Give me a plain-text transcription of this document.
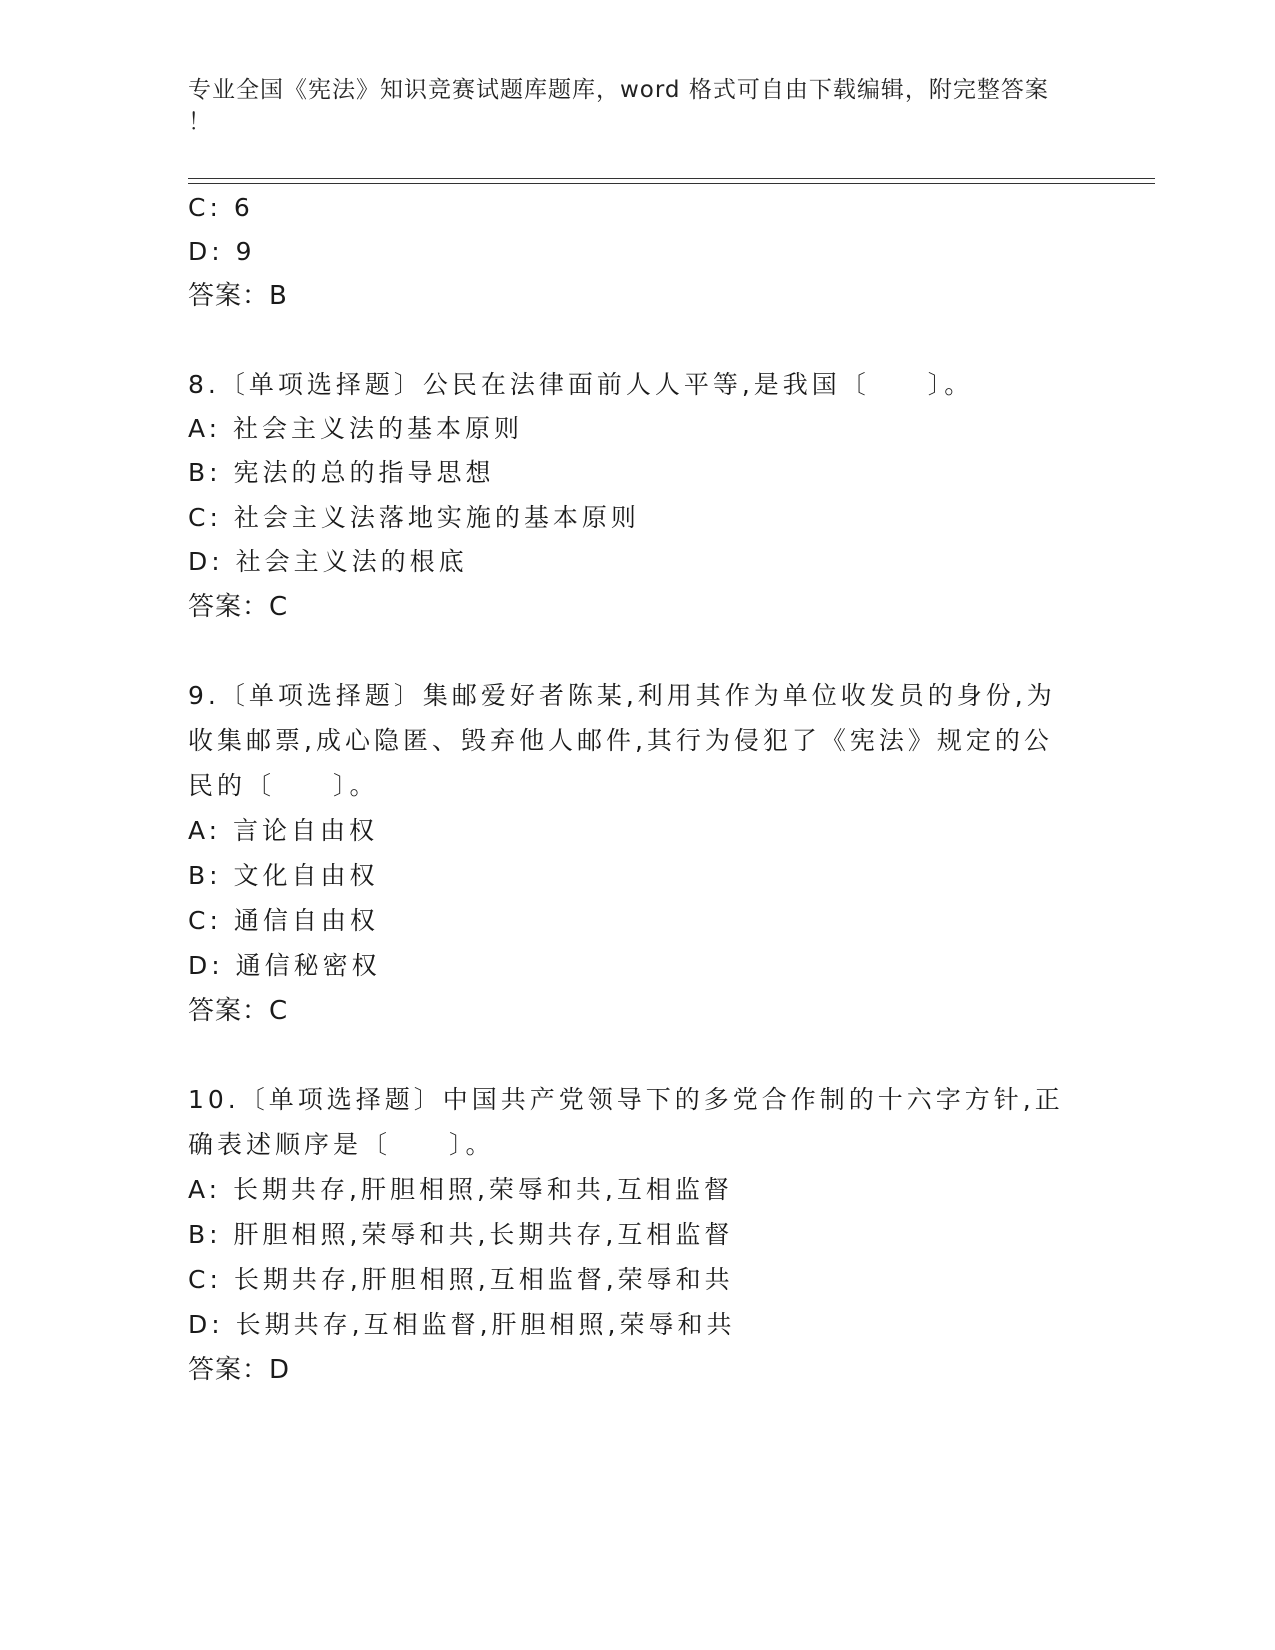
专业全国《宪法》知识竞赛试题库题库，word 格式可自由下载编辑，附完整答案
！
C: 6
D: 9
答案：B
8.〔单项选择题〕公民在法律面前人人平等,是我国〔　　〕。
A: 社会主义法的基本原则
B: 宪法的总的指导思想
C: 社会主义法落地实施的基本原则
D: 社会主义法的根底
答案：C
9.〔单项选择题〕集邮爱好者陈某,利用其作为单位收发员的身份,为
收集邮票,成心隐匿、毁弃他人邮件,其行为侵犯了《宪法》规定的公
民的〔　　〕。
A: 言论自由权
B: 文化自由权
C: 通信自由权
D: 通信秘密权
答案：C
10.〔单项选择题〕中国共产党领导下的多党合作制的十六字方针,正
确表述顺序是〔　　〕。
A: 长期共存,肝胆相照,荣辱和共,互相监督
B: 肝胆相照,荣辱和共,长期共存,互相监督
C: 长期共存,肝胆相照,互相监督,荣辱和共
D: 长期共存,互相监督,肝胆相照,荣辱和共
答案：D
